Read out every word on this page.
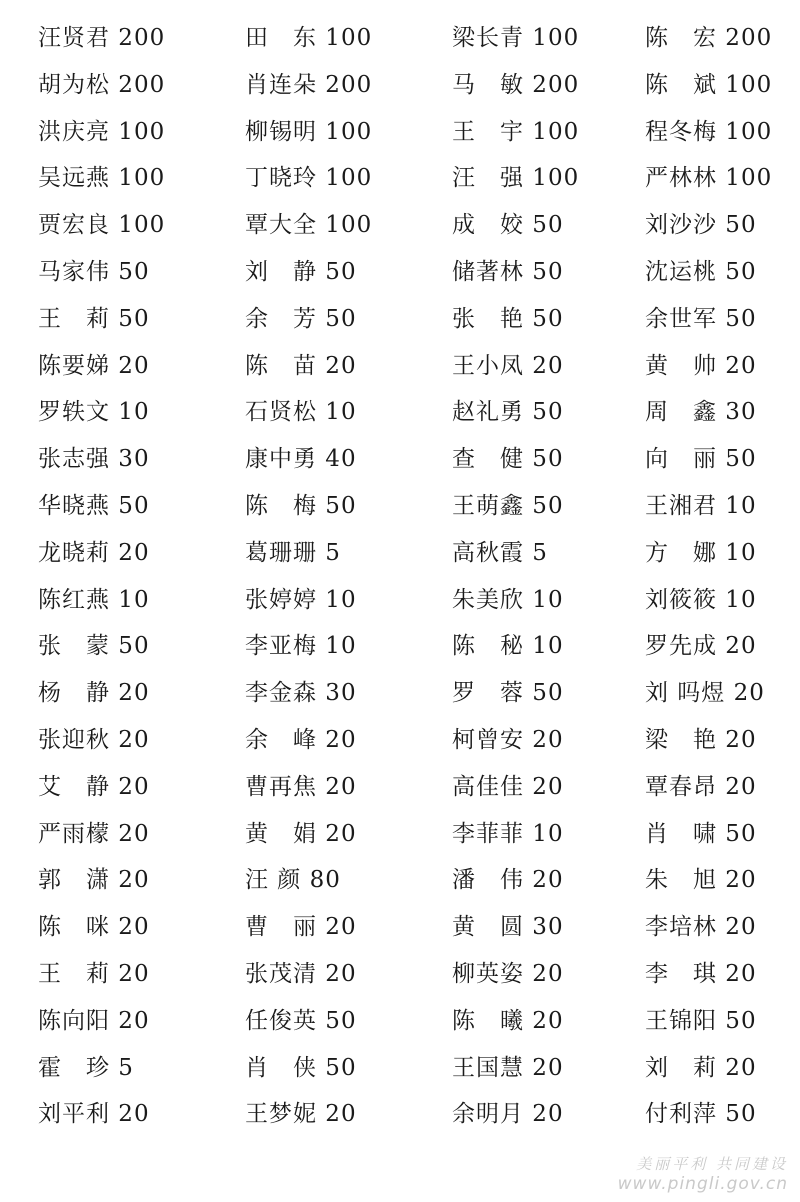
汪贤君 200	田　东 100	梁长青 100	陈　宏 200
胡为松 200	肖连朵 200	马　敏 200	陈　斌 100
洪庆亮 100	柳锡明 100	王　宇 100	程冬梅 100
吴远燕 100	丁晓玲 100	汪　强 100	严林林 100
贾宏良 100	覃大全 100	成　姣 50	刘沙沙 50
马家伟 50	刘　静 50	储著林 50	沈运桃 50
王　莉 50	余　芳 50	张　艳 50	余世军 50
陈要娣 20	陈　苗 20	王小凤 20	黄　帅 20
罗轶文 10	石贤松 10	赵礼勇 50	周　鑫 30
张志强 30	康中勇 40	查　健 50	向　丽 50
华晓燕 50	陈　梅 50	王萌鑫 50	王湘君 10
龙晓莉 20	葛珊珊 5	高秋霞 5	方　娜 10
陈红燕 10	张婷婷 10	朱美欣 10	刘筱筱 10
张　蒙 50	李亚梅 10	陈　秘 10	罗先成 20
杨　静 20	李金森 30	罗　蓉 50	刘 吗煜 20
张迎秋 20	余　峰 20	柯曾安 20	梁　艳 20
艾　静 20	曹再焦 20	高佳佳 20	覃春昂 20
严雨檬 20	黄　娟 20	李菲菲 10	肖　啸 50
郭　潇 20	汪 颜 80	潘　伟 20	朱　旭 20
陈　咪 20	曹　丽 20	黄　圆 30	李培林 20
王　莉 20	张茂清 20	柳英姿 20	李　琪 20
陈向阳 20	任俊英 50	陈　曦 20	王锦阳 50
霍　珍 5	肖　侠 50	王国慧 20	刘　莉 20
刘平利 20	王梦妮 20	余明月 20	付利萍 50
美丽平利 共同建设
www.pingli.gov.cn
